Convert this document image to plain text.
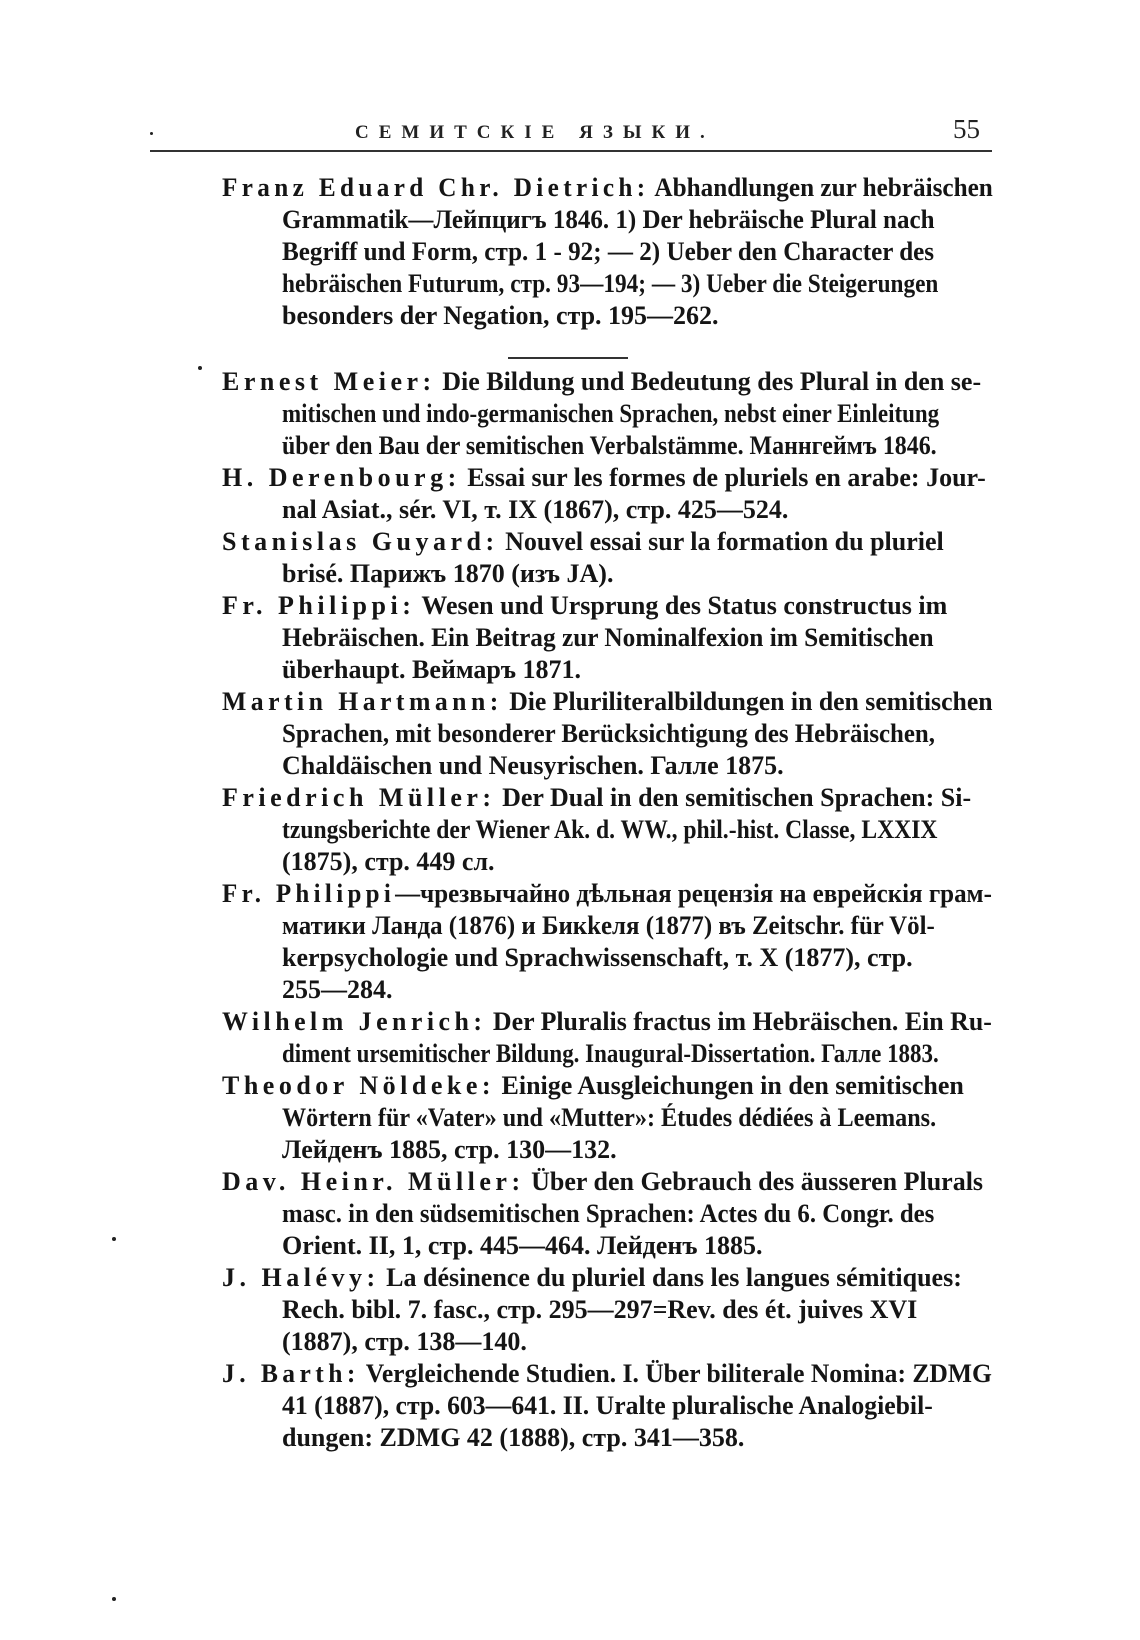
СЕМИТСКІЕ ЯЗЫКИ.	55
Franz Eduard Chr. Dietrich: Abhandlungen zur hebräischen
Grammatik—Лейпцигъ 1846. 1) Der hebräische Plural nach
Begriff und Form, стр. 1 - 92; — 2) Ueber den Character des
hebräischen Futurum, стр. 93—194; — 3) Ueber die Steigerungen
besonders der Negation, стр. 195—262.
Ernest Meier: Die Bildung und Bedeutung des Plural in den se-
mitischen und indo-germanischen Sprachen, nebst einer Einleitung
über den Bau der semitischen Verbalstämme. Маннгеймъ 1846.
H. Derenbourg: Essai sur les formes de pluriels en arabe: Jour-
nal Asiat., sér. VI, т. IX (1867), стр. 425—524.
Stanislas Guyard: Nouvel essai sur la formation du pluriel
brisé. Парижъ 1870 (изъ JA).
Fr. Philippi: Wesen und Ursprung des Status constructus im
Hebräischen. Ein Beitrag zur Nominalfexion im Semitischen
überhaupt. Веймаръ 1871.
Martin Hartmann: Die Pluriliteralbildungen in den semitischen
Sprachen, mit besonderer Berücksichtigung des Hebräischen,
Chaldäischen und Neusyrischen. Галле 1875.
Friedrich Müller: Der Dual in den semitischen Sprachen: Si-
tzungsberichte der Wiener Ak. d. WW., phil.-hist. Classe, LXXIX
(1875), стр. 449 сл.
Fr. Philippi—чрезвычайно дѣльная рецензія на еврейскія грам-
матики Ланда (1876) и Бикkеля (1877) въ Zeitschr. für Völ-
kerpsychologie und Sprachwissenschaft, т. X (1877), стр.
255—284.
Wilhelm Jenrich: Der Pluralis fractus im Hebräischen. Ein Ru-
diment ursemitischer Bildung. Inaugural-Dissertation. Галле 1883.
Theodor Nöldeke: Einige Ausgleichungen in den semitischen
Wörtern für «Vater» und «Mutter»: Études dédiées à Leemans.
Лейденъ 1885, стр. 130—132.
Dav. Heinr. Müller: Über den Gebrauch des äusseren Plurals
masc. in den südsemitischen Sprachen: Actes du 6. Congr. des
Orient. II, 1, стр. 445—464. Лейденъ 1885.
J. Halévy: La désinence du pluriel dans les langues sémitiques:
Rech. bibl. 7. fasc., стр. 295—297=Rev. des ét. juives XVI
(1887), стр. 138—140.
J. Barth: Vergleichende Studien. I. Über biliterale Nomina: ZDMG
41 (1887), стр. 603—641. II. Uralte pluralische Analogiebil-
dungen: ZDMG 42 (1888), стр. 341—358.
